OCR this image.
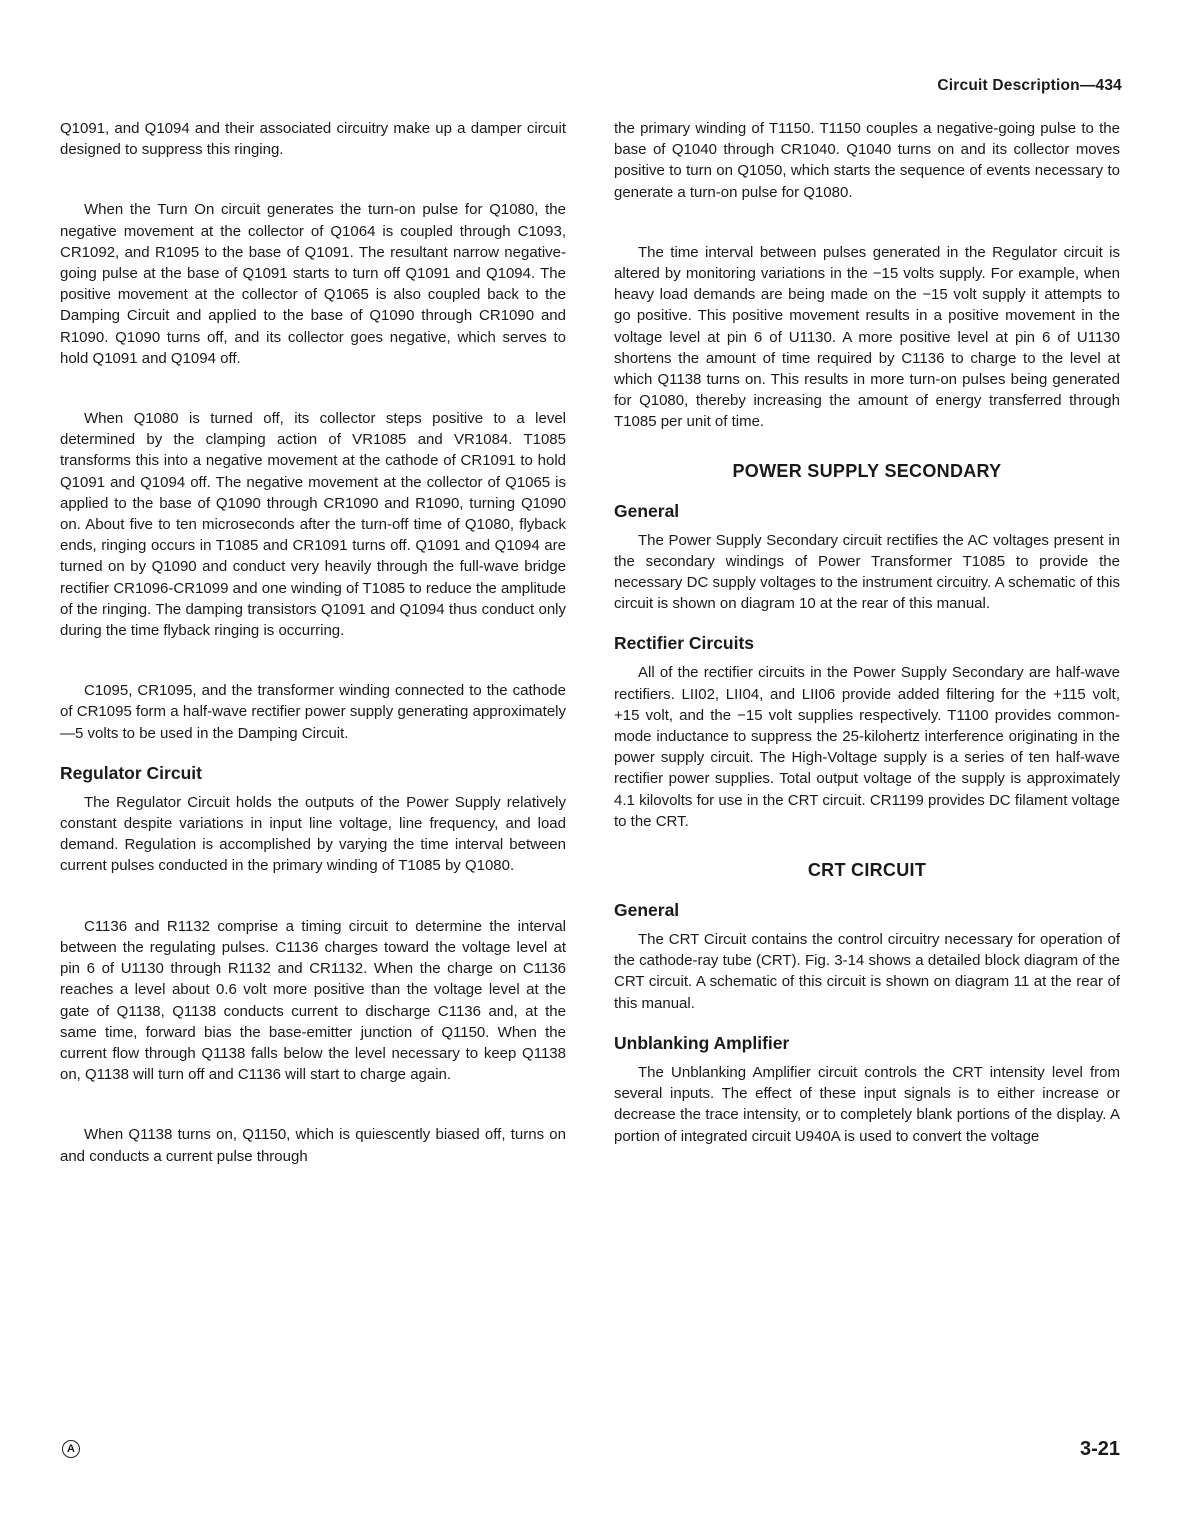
Circuit Description—434

Q1091, and Q1094 and their associated circuitry make up a damper circuit designed to suppress this ringing.

When the Turn On circuit generates the turn-on pulse for Q1080, the negative movement at the collector of Q1064 is coupled through C1093, CR1092, and R1095 to the base of Q1091. The resultant narrow negative-going pulse at the base of Q1091 starts to turn off Q1091 and Q1094. The positive movement at the collector of Q1065 is also coupled back to the Damping Circuit and applied to the base of Q1090 through CR1090 and R1090. Q1090 turns off, and its collector goes negative, which serves to hold Q1091 and Q1094 off.

When Q1080 is turned off, its collector steps positive to a level determined by the clamping action of VR1085 and VR1084. T1085 transforms this into a negative movement at the cathode of CR1091 to hold Q1091 and Q1094 off. The negative movement at the collector of Q1065 is applied to the base of Q1090 through CR1090 and R1090, turning Q1090 on. About five to ten microseconds after the turn-off time of Q1080, flyback ends, ringing occurs in T1085 and CR1091 turns off. Q1091 and Q1094 are turned on by Q1090 and conduct very heavily through the full-wave bridge rectifier CR1096-CR1099 and one winding of T1085 to reduce the amplitude of the ringing. The damping transistors Q1091 and Q1094 thus conduct only during the time flyback ringing is occurring.

C1095, CR1095, and the transformer winding connected to the cathode of CR1095 form a half-wave rectifier power supply generating approximately —5 volts to be used in the Damping Circuit.

Regulator Circuit

The Regulator Circuit holds the outputs of the Power Supply relatively constant despite variations in input line voltage, line frequency, and load demand. Regulation is accomplished by varying the time interval between current pulses conducted in the primary winding of T1085 by Q1080.

C1136 and R1132 comprise a timing circuit to determine the interval between the regulating pulses. C1136 charges toward the voltage level at pin 6 of U1130 through R1132 and CR1132. When the charge on C1136 reaches a level about 0.6 volt more positive than the voltage level at the gate of Q1138, Q1138 conducts current to discharge C1136 and, at the same time, forward bias the base-emitter junction of Q1150. When the current flow through Q1138 falls below the level necessary to keep Q1138 on, Q1138 will turn off and C1136 will start to charge again.

When Q1138 turns on, Q1150, which is quiescently biased off, turns on and conducts a current pulse through

the primary winding of T1150. T1150 couples a negative-going pulse to the base of Q1040 through CR1040. Q1040 turns on and its collector moves positive to turn on Q1050, which starts the sequence of events necessary to generate a turn-on pulse for Q1080.

The time interval between pulses generated in the Regulator circuit is altered by monitoring variations in the −15 volts supply. For example, when heavy load demands are being made on the −15 volt supply it attempts to go positive. This positive movement results in a positive movement in the voltage level at pin 6 of U1130. A more positive level at pin 6 of U1130 shortens the amount of time required by C1136 to charge to the level at which Q1138 turns on. This results in more turn-on pulses being generated for Q1080, thereby increasing the amount of energy transferred through T1085 per unit of time.

POWER SUPPLY SECONDARY
General

The Power Supply Secondary circuit rectifies the AC voltages present in the secondary windings of Power Transformer T1085 to provide the necessary DC supply voltages to the instrument circuitry. A schematic of this circuit is shown on diagram 10 at the rear of this manual.

Rectifier Circuits

All of the rectifier circuits in the Power Supply Secondary are half-wave rectifiers. LII02, LII04, and LII06 provide added filtering for the +115 volt, +15 volt, and the −15 volt supplies respectively. T1100 provides common-mode inductance to suppress the 25-kilohertz interference originating in the power supply circuit. The High-Voltage supply is a series of ten half-wave rectifier power supplies. Total output voltage of the supply is approximately 4.1 kilovolts for use in the CRT circuit. CR1199 provides DC filament voltage to the CRT.

CRT CIRCUIT
General

The CRT Circuit contains the control circuitry necessary for operation of the cathode-ray tube (CRT). Fig. 3-14 shows a detailed block diagram of the CRT circuit. A schematic of this circuit is shown on diagram 11 at the rear of this manual.

Unblanking Amplifier

The Unblanking Amplifier circuit controls the CRT intensity level from several inputs. The effect of these input signals is to either increase or decrease the trace intensity, or to completely blank portions of the display. A portion of integrated circuit U940A is used to convert the voltage

A	3-21
